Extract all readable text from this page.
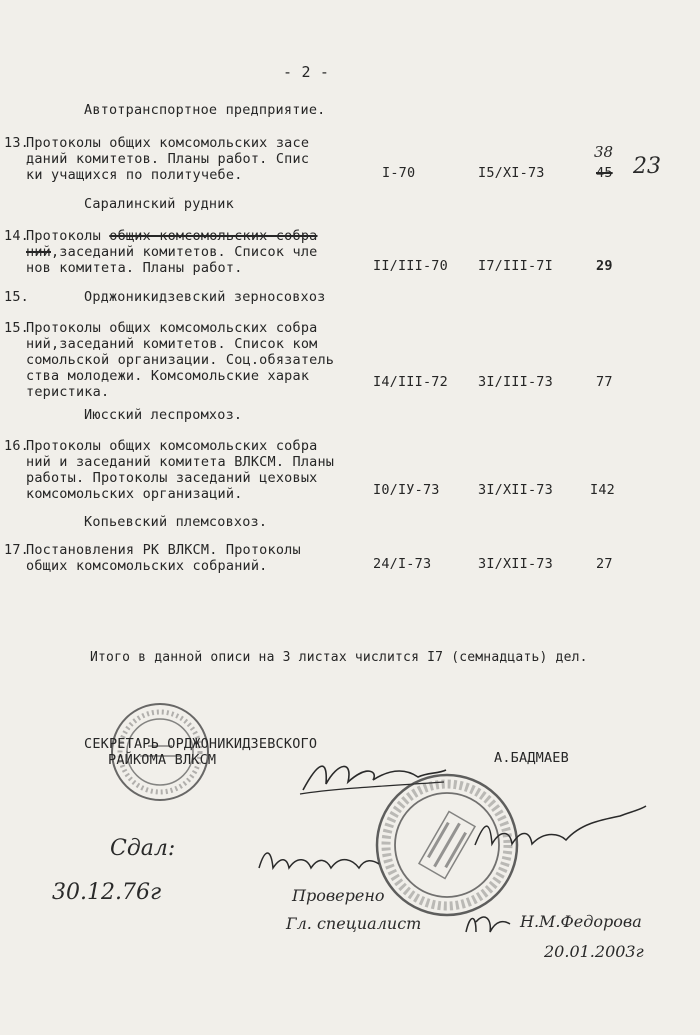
- 2 -
Автотранспортное предприятие.
13.
Протоколы общих комсомольских засе
даний комитетов. Планы работ. Спис
ки учащихся по политучебе.	I-70	I5/XI-73	45
38
23
Саралинский рудник
14.
Протоколы общих комсомольских собра
ний,заседаний комитетов. Список чле
нов комитета. Планы работ.	II/III-70 I7/III-7I	29
15.	Орджоникидзевский зерносовхоз
15.
Протоколы общих комсомольских собра
ний,заседаний комитетов. Список ком
сомольской организации. Соц.обязатель
ства молодежи. Комсомольские харак
теристика.
I4/III-72 3I/III-73	77
Июсский леспромхоз.
16.
Протоколы общих комсомольских собра
ний и заседаний комитета ВЛКСМ. Планы
работы. Протоколы заседаний цеховых
комсомольских организаций.	I0/IУ-73	3I/XII-73	I42
Копьевский племсовхоз.
17.
Постановления РК ВЛКСМ. Протоколы
общих комсомольских собраний.	24/I-73	3I/XII-73	27
Итого в данной описи на 3 листах числится I7 (семнадцать) дел.
СЕКРЕТАРЬ ОРДЖОНИКИДЗЕВСКОГО
РАЙКОМА ВЛКСМ	А.БАДМАЕВ
Сдал:
30.12.76г	Проверено
Гл. специалист	Н.М.Федорова
20.01.2003г
